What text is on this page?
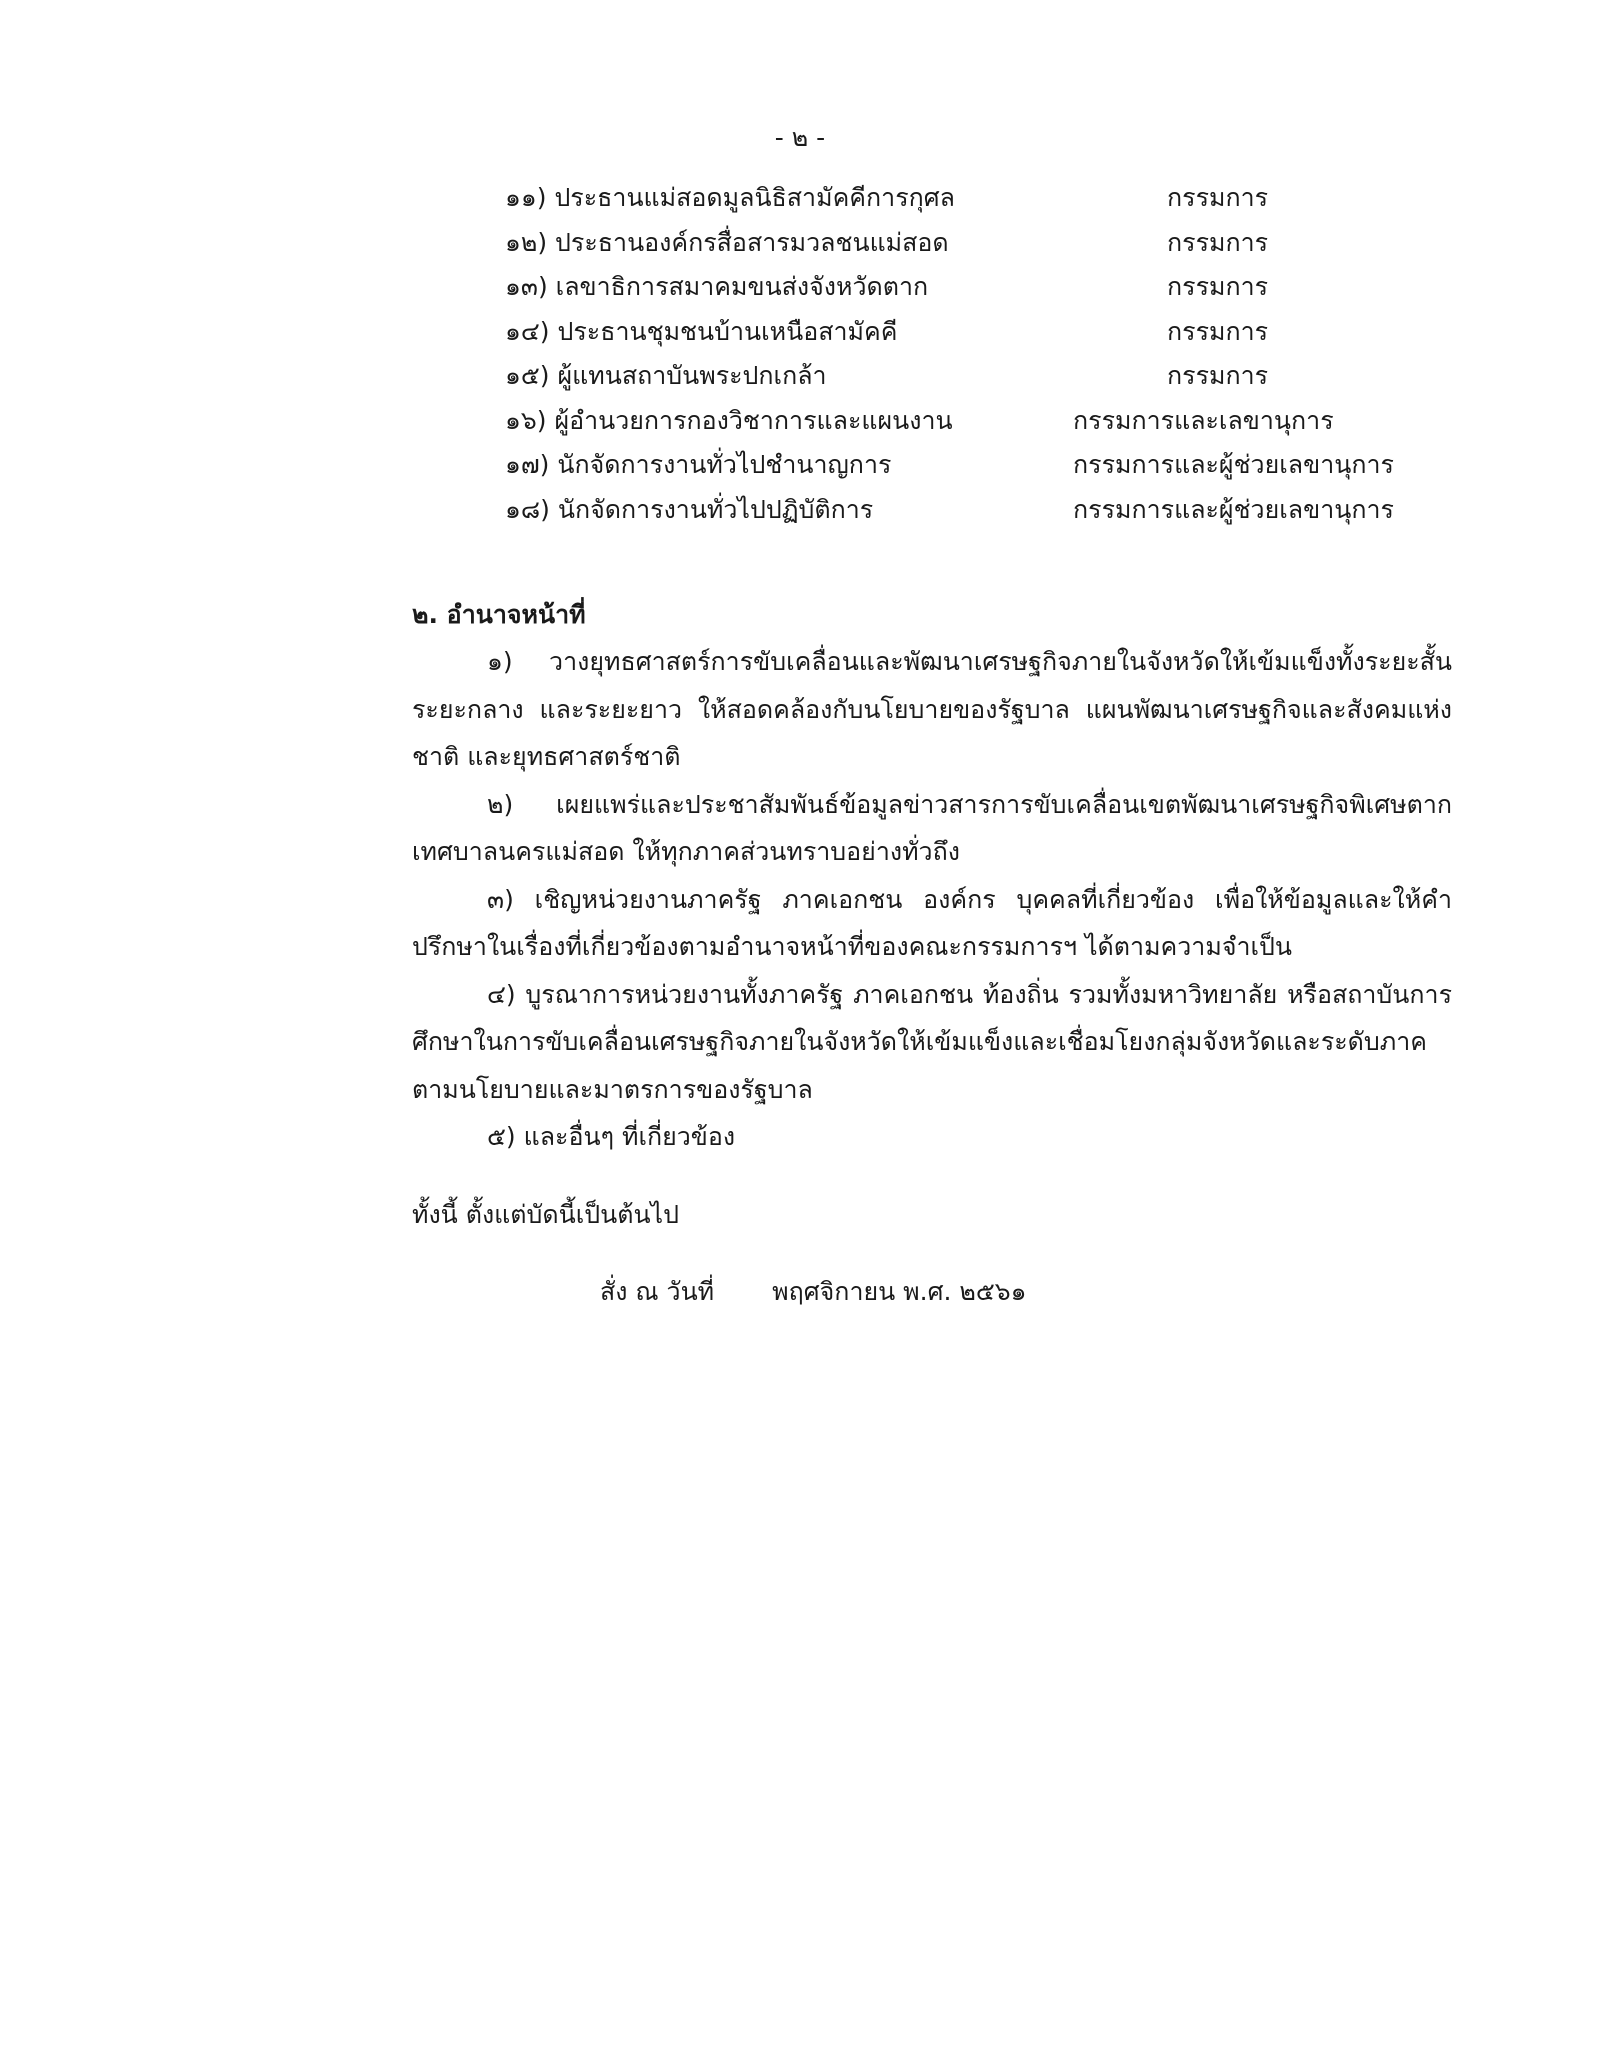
- ๒ -
๑๑) ประธานแม่สอดมูลนิธิสามัคคีการกุศล	กรรมการ
๑๒) ประธานองค์กรสื่อสารมวลชนแม่สอด	กรรมการ
๑๓) เลขาธิการสมาคมขนส่งจังหวัดตาก	กรรมการ
๑๔) ประธานชุมชนบ้านเหนือสามัคคี	กรรมการ
๑๕) ผู้แทนสถาบันพระปกเกล้า	กรรมการ
๑๖) ผู้อำนวยการกองวิชาการและแผนงาน	กรรมการและเลขานุการ
๑๗) นักจัดการงานทั่วไปชำนาญการ	กรรมการและผู้ช่วยเลขานุการ
๑๘) นักจัดการงานทั่วไปปฏิบัติการ	กรรมการและผู้ช่วยเลขานุการ
๒. อำนาจหน้าที่

๑) วางยุทธศาสตร์การขับเคลื่อนและพัฒนาเศรษฐกิจภายในจังหวัดให้เข้มแข็งทั้งระยะสั้น ระยะกลาง และระยะยาว ให้สอดคล้องกับนโยบายของรัฐบาล แผนพัฒนาเศรษฐกิจและสังคมแห่งชาติ และยุทธศาสตร์ชาติ

๒) เผยแพร่และประชาสัมพันธ์ข้อมูลข่าวสารการขับเคลื่อนเขตพัฒนาเศรษฐกิจพิเศษตาก เทศบาลนครแม่สอด ให้ทุกภาคส่วนทราบอย่างทั่วถึง

๓) เชิญหน่วยงานภาครัฐ ภาคเอกชน องค์กร บุคคลที่เกี่ยวข้อง เพื่อให้ข้อมูลและให้คำปรึกษาในเรื่องที่เกี่ยวข้องตามอำนาจหน้าที่ของคณะกรรมการฯ ได้ตามความจำเป็น

๔) บูรณาการหน่วยงานทั้งภาครัฐ ภาคเอกชน ท้องถิ่น รวมทั้งมหาวิทยาลัย หรือสถาบันการศึกษาในการขับเคลื่อนเศรษฐกิจภายในจังหวัดให้เข้มแข็งและเชื่อมโยงกลุ่มจังหวัดและระดับภาคตามนโยบายและมาตรการของรัฐบาล

๕) และอื่นๆ ที่เกี่ยวข้อง

ทั้งนี้ ตั้งแต่บัดนี้เป็นต้นไป
สั่ง ณ วันที่ พฤศจิกายน พ.ศ. ๒๕๖๑
